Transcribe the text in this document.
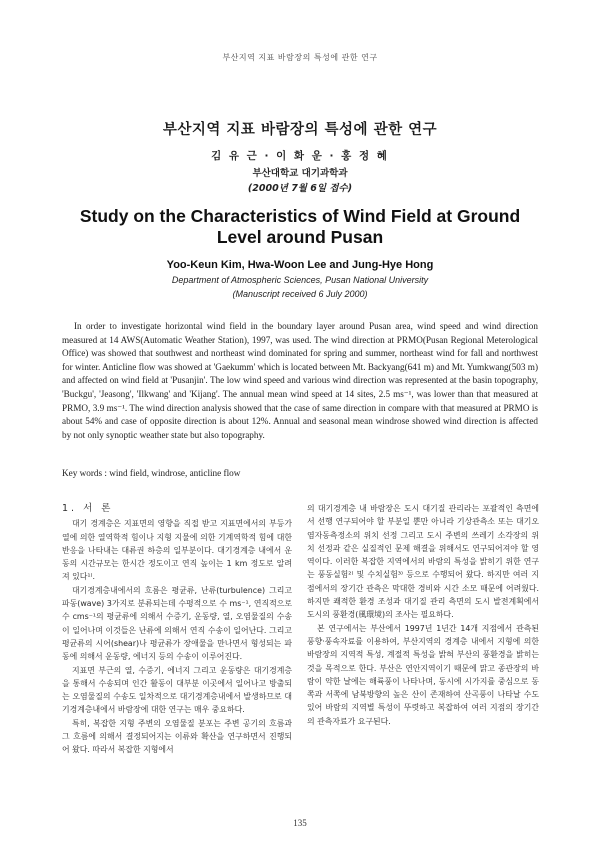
부산지역 지표 바람장의 특성에 관한 연구
부산지역 지표 바람장의 특성에 관한 연구
김 유 근 · 이 화 운 · 홍 정 혜
부산대학교 대기과학과
(2000년 7월 6일 접수)
Study on the Characteristics of Wind Field at Ground Level around Pusan
Yoo-Keun Kim, Hwa-Woon Lee and Jung-Hye Hong
Department of Atmospheric Sciences, Pusan National University
(Manuscript received 6 July 2000)

In order to investigate horizontal wind field in the boundary layer around Pusan area, wind speed and wind direction measured at 14 AWS(Automatic Weather Station), 1997, was used. The wind direction at PRMO(Pusan Regional Meterological Office) was showed that southwest and northeast wind dominated for spring and summer, northeast wind for fall and northwest for winter. Anticline flow was showed at 'Gaekumm' which is located between Mt. Backyang(641 m) and Mt. Yumkwang(503 m) and affected on wind field at 'Pusanjin'. The low wind speed and various wind direction was represented at the basin topography, 'Buckgu', 'Jeasong', 'Ilkwang' and 'Kijang'. The annual mean wind speed at 14 sites, 2.5 ms⁻¹, was lower than that measured at PRMO, 3.9 ms⁻¹. The wind direction analysis showed that the case of same direction in compare with that measured at PRMO is about 54% and case of opposite direction is about 12%. Annual and seasonal mean windrose showed wind direction is affected by not only synoptic weather state but also topography.

Key words : wind field, windrose, anticline flow
1. 서 론

대기 경계층은 지표면의 영향을 직접 받고 지표면에서의 부등가열에 의한 열역학적 힘이나 지형 지물에 의한 기계역학적 힘에 대한 반응을 나타내는 대류권 하층의 일부분이다. 대기경계층 내에서 운동의 시간규모는 한시간 정도이고 연직 높이는 1 km 정도로 알려져 있다¹⁾.

대기경계층내에서의 흐름은 평균류, 난류(turbulence) 그리고 파동(wave) 3가지로 분류되는데 수평적으로 수 ms⁻¹, 연직적으로 수 cms⁻¹의 평균류에 의해서 수증기, 운동량, 열, 오염물질의 수송이 일어나며 이것들은 난류에 의해서 연직 수송이 일어난다. 그리고 평균류의 시어(shear)나 평균류가 장애물을 만나면서 형성되는 파동에 의해서 운동량, 에너지 등의 수송이 이루어진다.

지표면 부근의 열, 수증기, 에너지 그리고 운동량은 대기경계층을 통해서 수송되며 인간 활동이 대부분 이곳에서 일어나고 방출되는 오염물질의 수송도 일차적으로 대기경계층내에서 발생하므로 대기경계층내에서 바람장에 대한 연구는 매우 중요하다.

특히, 복잡한 지형 주변의 오염물질 분포는 주변 공기의 흐름과 그 흐름에 의해서 결정되어지는 이류와 확산을 연구하면서 진행되어 왔다. 따라서 복잡한 지형에서

의 대기경계층 내 바람장은 도시 대기질 관리라는 포괄적인 측면에서 선행 연구되어야 할 부분일 뿐만 아니라 기상관측소 또는 대기오염자동측정소의 위치 선정 그리고 도시 주변의 쓰레기 소각장의 위치 선정과 같은 실질적인 문제 해결을 위해서도 연구되어져야 할 영역이다. 이러한 복잡한 지역에서의 바람의 특성을 밝히기 위한 연구는 풍동실험²⁾ 및 수치실험³⁾ 등으로 수행되어 왔다. 하지만 여러 지점에서의 장기간 관측은 막대한 경비와 시간 소모 때문에 어려웠다. 하지만 쾌적한 환경 조성과 대기질 관리 측면의 도시 발전계획에서 도시의 풍환경(風環境)의 조사는 필요하다.

본 연구에서는 부산에서 1997년 1년간 14개 지점에서 관측된 풍향·풍속자료를 이용하여, 부산지역의 경계층 내에서 지형에 의한 바람장의 지역적 특성, 계절적 특성을 밝혀 부산의 풍환경을 밝히는 것을 목적으로 한다. 부산은 연안지역이기 때문에 맑고 종관장의 바람이 약한 날에는 해륙풍이 나타나며, 동시에 시가지를 중심으로 동쪽과 서쪽에 남북방향의 높은 산이 존재하여 산곡풍이 나타날 수도 있어 바람의 지역별 특성이 뚜렷하고 복잡하여 여러 지점의 장기간의 관측자료가 요구된다.

135
